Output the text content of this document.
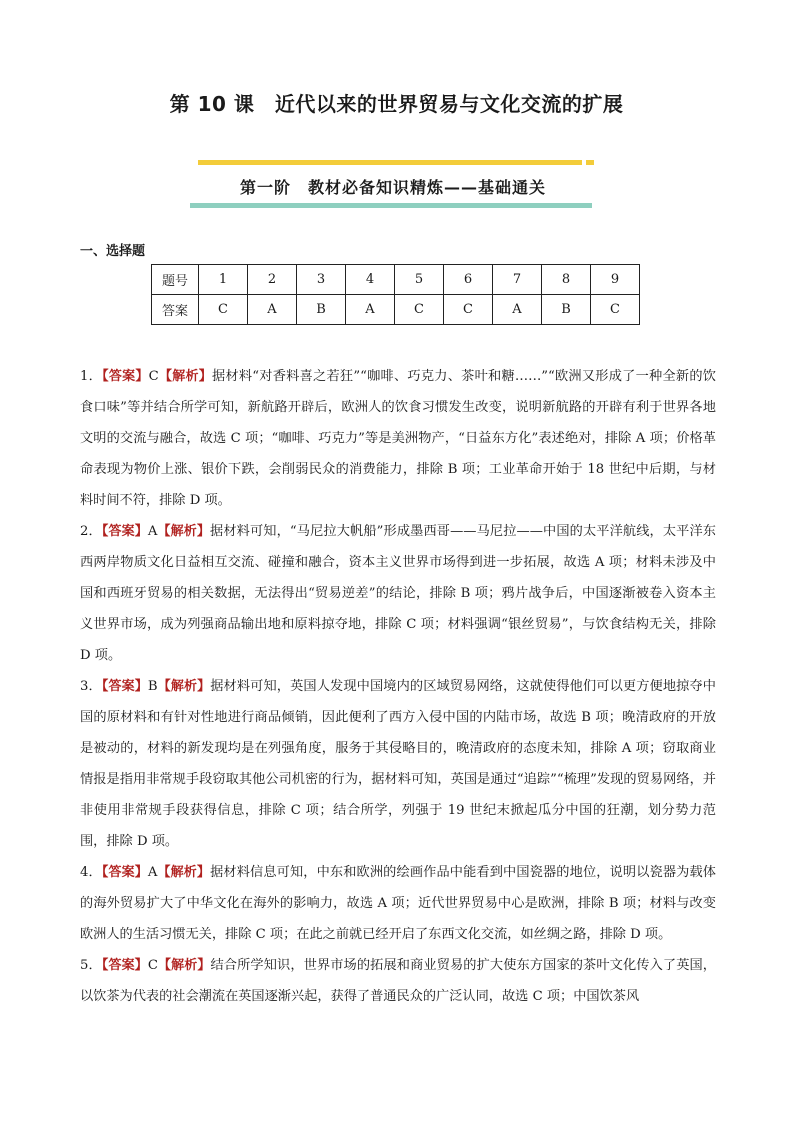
第 10 课　近代以来的世界贸易与文化交流的扩展
第一阶　教材必备知识精炼——基础通关
一、选择题
题号	1	2	3	4	5	6	7	8	9
答案	C	A	B	A	C	C	A	B	C
1．【答案】C【解析】据材料“对香料喜之若狂”“咖啡、巧克力、茶叶和糖……”“欧洲又形成了一种全新的饮食口味”等并结合所学可知，新航路开辟后，欧洲人的饮食习惯发生改变，说明新航路的开辟有利于世界各地文明的交流与融合，故选 C 项；“咖啡、巧克力”等是美洲物产，“日益东方化”表述绝对，排除 A 项；价格革命表现为物价上涨、银价下跌，会削弱民众的消费能力，排除 B 项；工业革命开始于 18 世纪中后期，与材料时间不符，排除 D 项。
2．【答案】A【解析】据材料可知，“马尼拉大帆船”形成墨西哥——马尼拉——中国的太平洋航线，太平洋东西两岸物质文化日益相互交流、碰撞和融合，资本主义世界市场得到进一步拓展，故选 A 项；材料未涉及中国和西班牙贸易的相关数据，无法得出“贸易逆差”的结论，排除 B 项；鸦片战争后，中国逐渐被卷入资本主义世界市场，成为列强商品输出地和原料掠夺地，排除 C 项；材料强调“银丝贸易”，与饮食结构无关，排除 D 项。
3．【答案】B【解析】据材料可知，英国人发现中国境内的区域贸易网络，这就使得他们可以更方便地掠夺中国的原材料和有针对性地进行商品倾销，因此便利了西方入侵中国的内陆市场，故选 B 项；晚清政府的开放是被动的，材料的新发现均是在列强角度，服务于其侵略目的，晚清政府的态度未知，排除 A 项；窃取商业情报是指用非常规手段窃取其他公司机密的行为，据材料可知，英国是通过“追踪”“梳理”发现的贸易网络，并非使用非常规手段获得信息，排除 C 项；结合所学，列强于 19 世纪末掀起瓜分中国的狂潮，划分势力范围，排除 D 项。
4．【答案】A【解析】据材料信息可知，中东和欧洲的绘画作品中能看到中国瓷器的地位，说明以瓷器为载体的海外贸易扩大了中华文化在海外的影响力，故选 A 项；近代世界贸易中心是欧洲，排除 B 项；材料与改变欧洲人的生活习惯无关，排除 C 项；在此之前就已经开启了东西文化交流，如丝绸之路，排除 D 项。
5．【答案】C【解析】结合所学知识，世界市场的拓展和商业贸易的扩大使东方国家的茶叶文化传入了英国，以饮茶为代表的社会潮流在英国逐渐兴起，获得了普通民众的广泛认同，故选 C 项；中国饮茶风
